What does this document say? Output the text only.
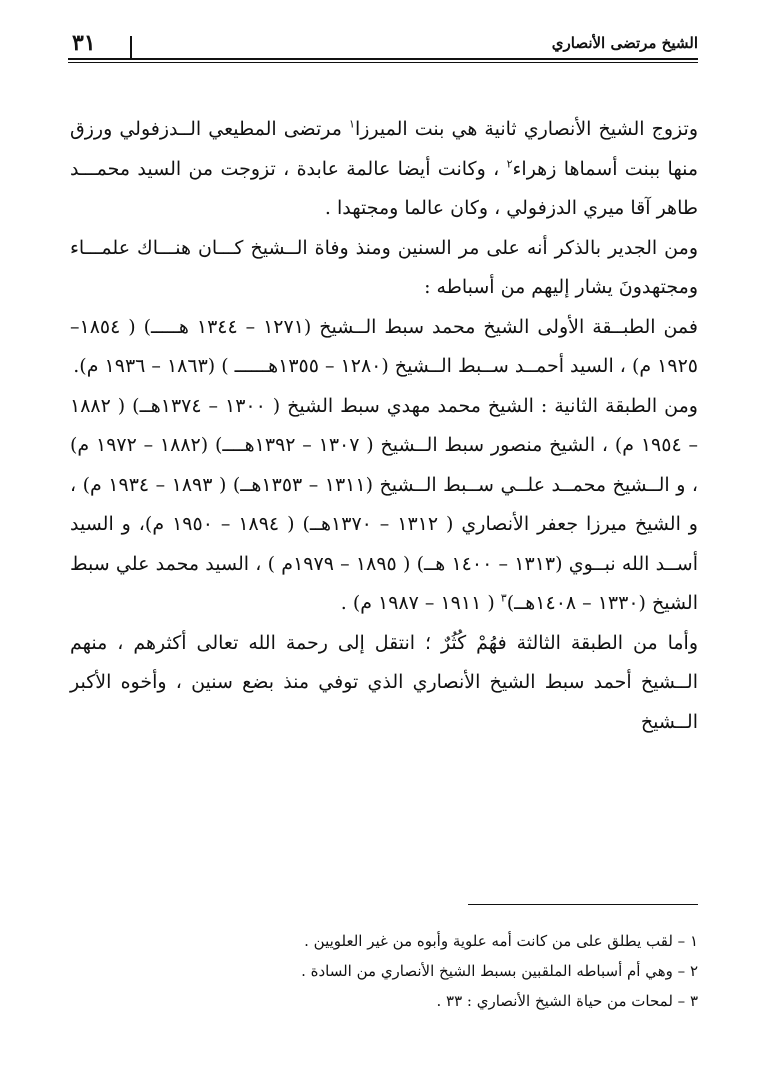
الشيخ مرتضى الأنصاري
٣١

وتزوج الشيخ الأنصاري ثانية هي بنت الميرزا$^١$ مرتضى المطيعي الــدزفولي ورزق منها ببنت أسماها زهراء$^٢$ ، وكانت أيضا عالمة عابدة ، تزوجت من السيد محمـــد طاهر آقا ميري الدزفولي ، وكان عالما ومجتهدا .

ومن الجدير بالذكر أنه على مر السنين ومنذ وفاة الــشيخ كـــان هنـــاك علمـــاء ومجتهدونَ يشار إليهم من أسباطه :

فمن الطبــقة الأولى الشيخ محمد سبط الــشيخ (١٢٧١ – ١٣٤٤ هـــــ) ( ١٨٥٤– ١٩٢٥ م) ، السيد أحمــد ســبط الــشيخ (١٢٨٠ – ١٣٥٥هــــــ ) (١٨٦٣ – ١٩٣٦ م).

ومن الطبقة الثانية : الشيخ محمد مهدي سبط الشيخ ( ١٣٠٠ – ١٣٧٤هــ) ( ١٨٨٢ – ١٩٥٤ م) ، الشيخ منصور سبط الــشيخ ( ١٣٠٧ – ١٣٩٢هــــ) (١٨٨٢ – ١٩٧٢ م) ، و الــشيخ محمــد علــي ســبط الــشيخ (١٣١١ – ١٣٥٣هــ) ( ١٨٩٣ – ١٩٣٤ م) ، و الشيخ ميرزا جعفر الأنصاري ( ١٣١٢ – ١٣٧٠هــ) ( ١٨٩٤ – ١٩٥٠ م)، و السيد أســد الله نبــوي (١٣١٣ – ١٤٠٠ هــ) ( ١٨٩٥ – ١٩٧٩م ) ، السيد محمد علي سبط الشيخ (١٣٣٠ – ١٤٠٨هــ)$^٣$ ( ١٩١١ – ١٩٨٧ م) .

وأما من الطبقة الثالثة فهُمْ كُثُرٌ ؛ انتقل إلى رحمة الله تعالى أكثرهم ، منهم الــشيخ أحمد سبط الشيخ الأنصاري الذي توفي منذ بضع سنين ، وأخوه الأكبر الــشيخ

١ – لقب يطلق على من كانت أمه علوية وأبوه من غير العلويين .
٢ – وهي أم أسباطه الملقبين بسبط الشيخ الأنصاري من السادة .
٣ – لمحات من حياة الشيخ الأنصاري : ٣٣ .
